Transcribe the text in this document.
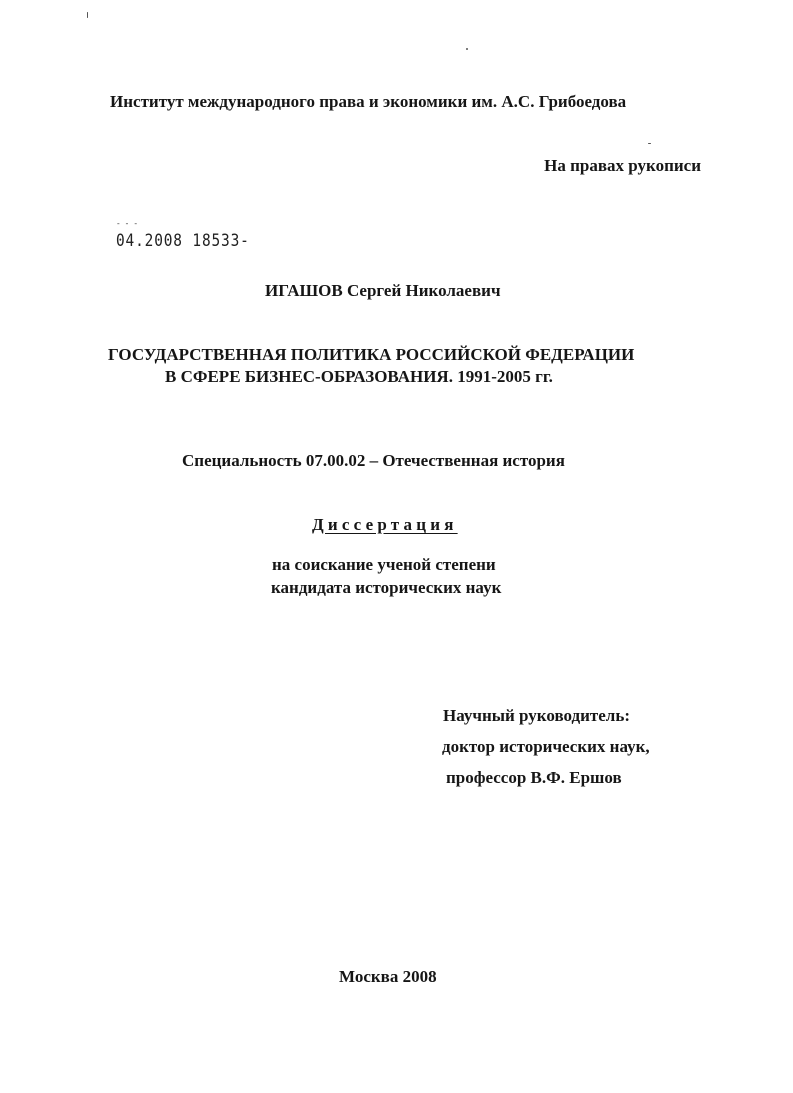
Институт международного права и экономики им. А.С. Грибоедова
На правах рукописи
- - -
04.2008 18533-
ИГАШОВ Сергей Николаевич
ГОСУДАРСТВЕННАЯ ПОЛИТИКА РОССИЙСКОЙ ФЕДЕРАЦИИ
В СФЕРЕ БИЗНЕС-ОБРАЗОВАНИЯ. 1991-2005 гг.
Специальность 07.00.02 – Отечественная история
Диссертация
на соискание ученой степени
кандидата исторических наук
Научный руководитель:
доктор исторических наук,
профессор В.Ф. Ершов
Москва 2008
